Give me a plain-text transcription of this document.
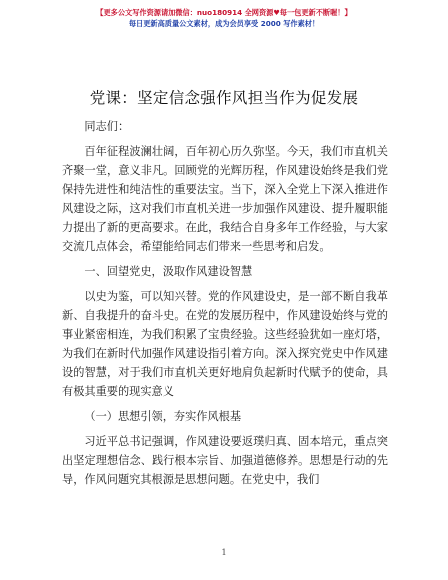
【更多公文写作资源请加微信：nuo180914 全网资源♥每一包更新不断喔！】
每日更新高质量公文素材，成为会员享受 2000 写作素材！
党课：坚定信念强作风担当作为促发展

同志们：

百年征程波澜壮阔，百年初心历久弥坚。今天，我们市直机关齐聚一堂，意义非凡。回顾党的光辉历程，作风建设始终是我们党保持先进性和纯洁性的重要法宝。当下，深入全党上下深入推进作风建设之际，这对我们市直机关进一步加强作风建设、提升履职能力提出了新的更高要求。在此，我结合自身多年工作经验，与大家交流几点体会，希望能给同志们带来一些思考和启发。

一、回望党史，汲取作风建设智慧

以史为鉴，可以知兴替。党的作风建设史，是一部不断自我革新、自我提升的奋斗史。在党的发展历程中，作风建设始终与党的事业紧密相连，为我们积累了宝贵经验。这些经验犹如一座灯塔，为我们在新时代加强作风建设指引着方向。深入探究党史中作风建设的智慧，对于我们市直机关更好地肩负起新时代赋予的使命，具有极其重要的现实意义

（一）思想引领，夯实作风根基

习近平总书记强调，作风建设要返璞归真、固本培元，重点突出坚定理想信念、践行根本宗旨、加强道德修养。思想是行动的先导，作风问题究其根源是思想问题。在党史中，我们

1
